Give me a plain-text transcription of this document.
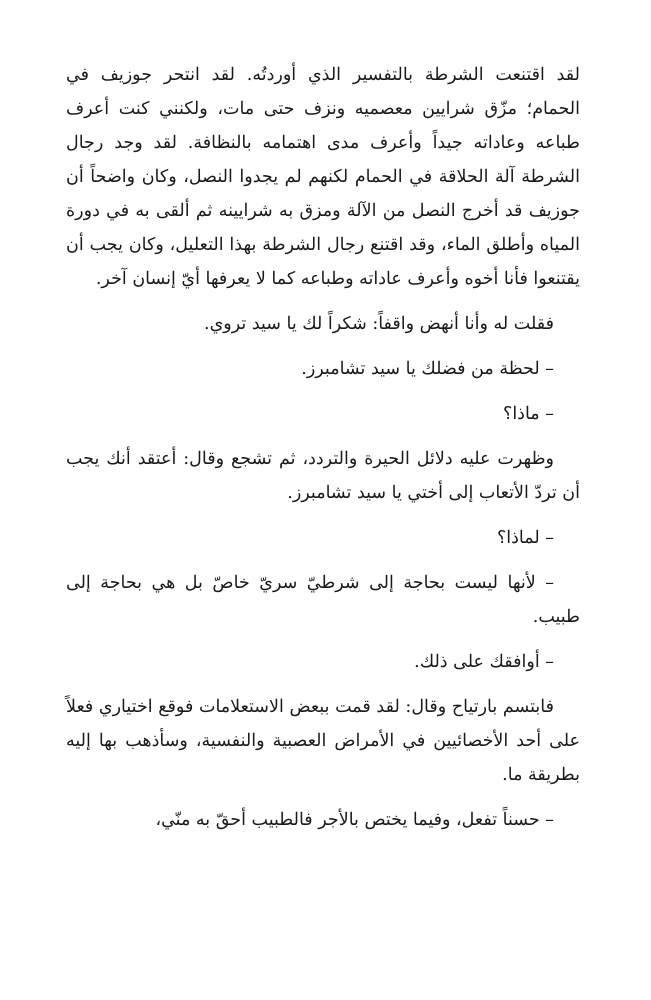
لقد اقتنعت الشرطة بالتفسير الذي أوردتُه. لقد انتحر جوزيف في الحمام؛ مزّق شرايين معصميه ونزف حتى مات، ولكنني كنت أعرف طباعه وعاداته جيداً وأعرف مدى اهتمامه بالنظافة. لقد وجد رجال الشرطة آلة الحلاقة في الحمام لكنهم لم يجدوا النصل، وكان واضحاً أن جوزيف قد أخرج النصل من الآلة ومزق به شرايينه ثم ألقى به في دورة المياه وأطلق الماء، وقد اقتنع رجال الشرطة بهذا التعليل، وكان يجب أن يقتنعوا فأنا أخوه وأعرف عاداته وطباعه كما لا يعرفها أيّ إنسان آخر.

فقلت له وأنا أنهض واقفاً: شكراً لك يا سيد تروي.

– لحظة من فضلك يا سيد تشامبرز.

– ماذا؟

وظهرت عليه دلائل الحيرة والتردد، ثم تشجع وقال: أعتقد أنك يجب أن تردّ الأتعاب إلى أختي يا سيد تشامبرز.

– لماذا؟

– لأنها ليست بحاجة إلى شرطيّ سريّ خاصّ بل هي بحاجة إلى طبيب.

– أوافقك على ذلك.

فابتسم بارتياح وقال: لقد قمت ببعض الاستعلامات فوقع اختياري فعلاً على أحد الأخصائيين في الأمراض العصبية والنفسية، وسأذهب بها إليه بطريقة ما.

– حسناً تفعل، وفيما يختص بالأجر فالطبيب أحقّ به منّي،
